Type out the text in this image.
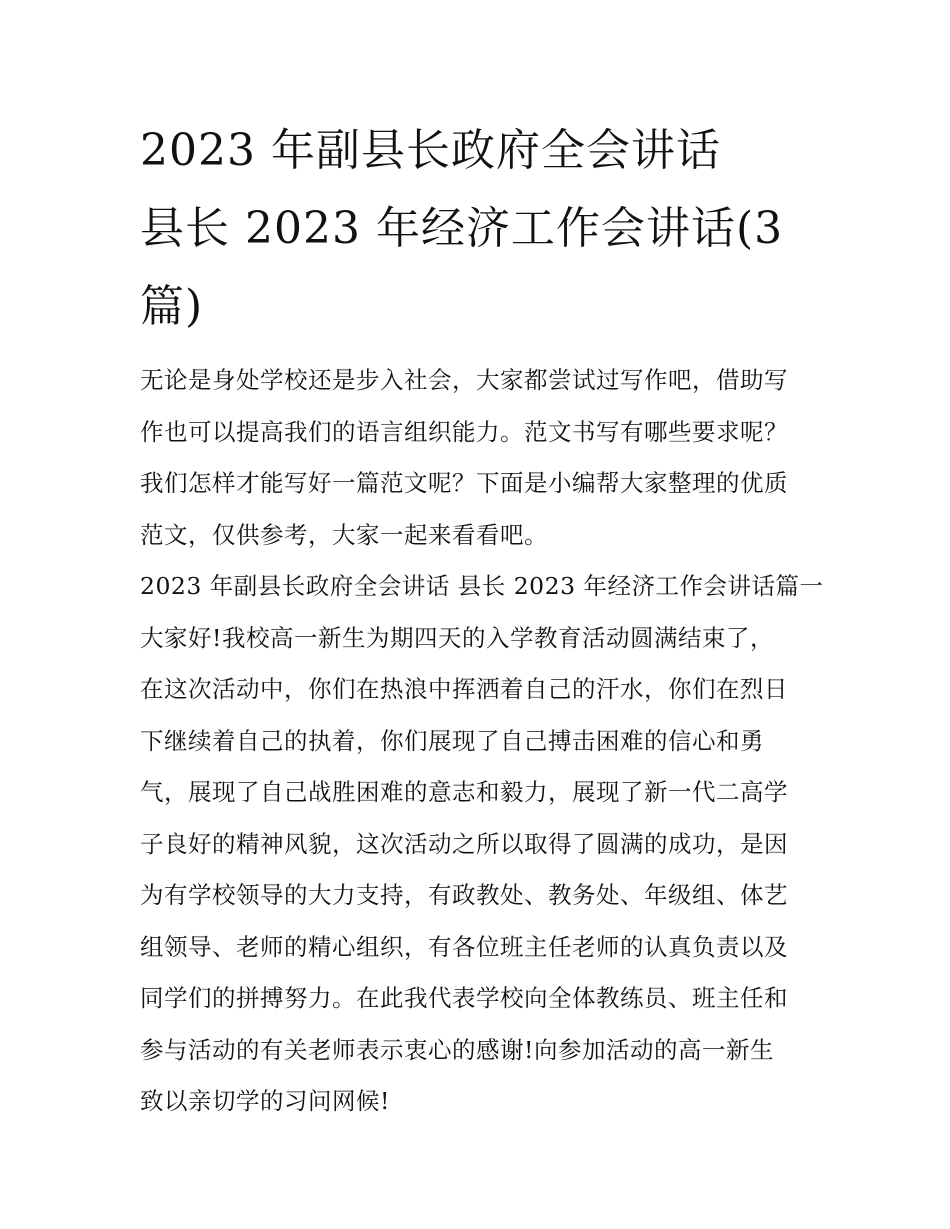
2023 年副县长政府全会讲话
县长 2023 年经济工作会讲话(3
篇)
无论是身处学校还是步入社会，大家都尝试过写作吧，借助写
作也可以提高我们的语言组织能力。范文书写有哪些要求呢？
我们怎样才能写好一篇范文呢？下面是小编帮大家整理的优质
范文，仅供参考，大家一起来看看吧。
2023 年副县长政府全会讲话 县长 2023 年经济工作会讲话篇一
大家好!我校高一新生为期四天的入学教育活动圆满结束了，
在这次活动中，你们在热浪中挥洒着自己的汗水，你们在烈日
下继续着自己的执着，你们展现了自己搏击困难的信心和勇
气，展现了自己战胜困难的意志和毅力，展现了新一代二高学
子良好的精神风貌，这次活动之所以取得了圆满的成功，是因
为有学校领导的大力支持，有政教处、教务处、年级组、体艺
组领导、老师的精心组织，有各位班主任老师的认真负责以及
同学们的拼搏努力。在此我代表学校向全体教练员、班主任和
参与活动的有关老师表示衷心的感谢!向参加活动的高一新生
致以亲切学的习问网候!
